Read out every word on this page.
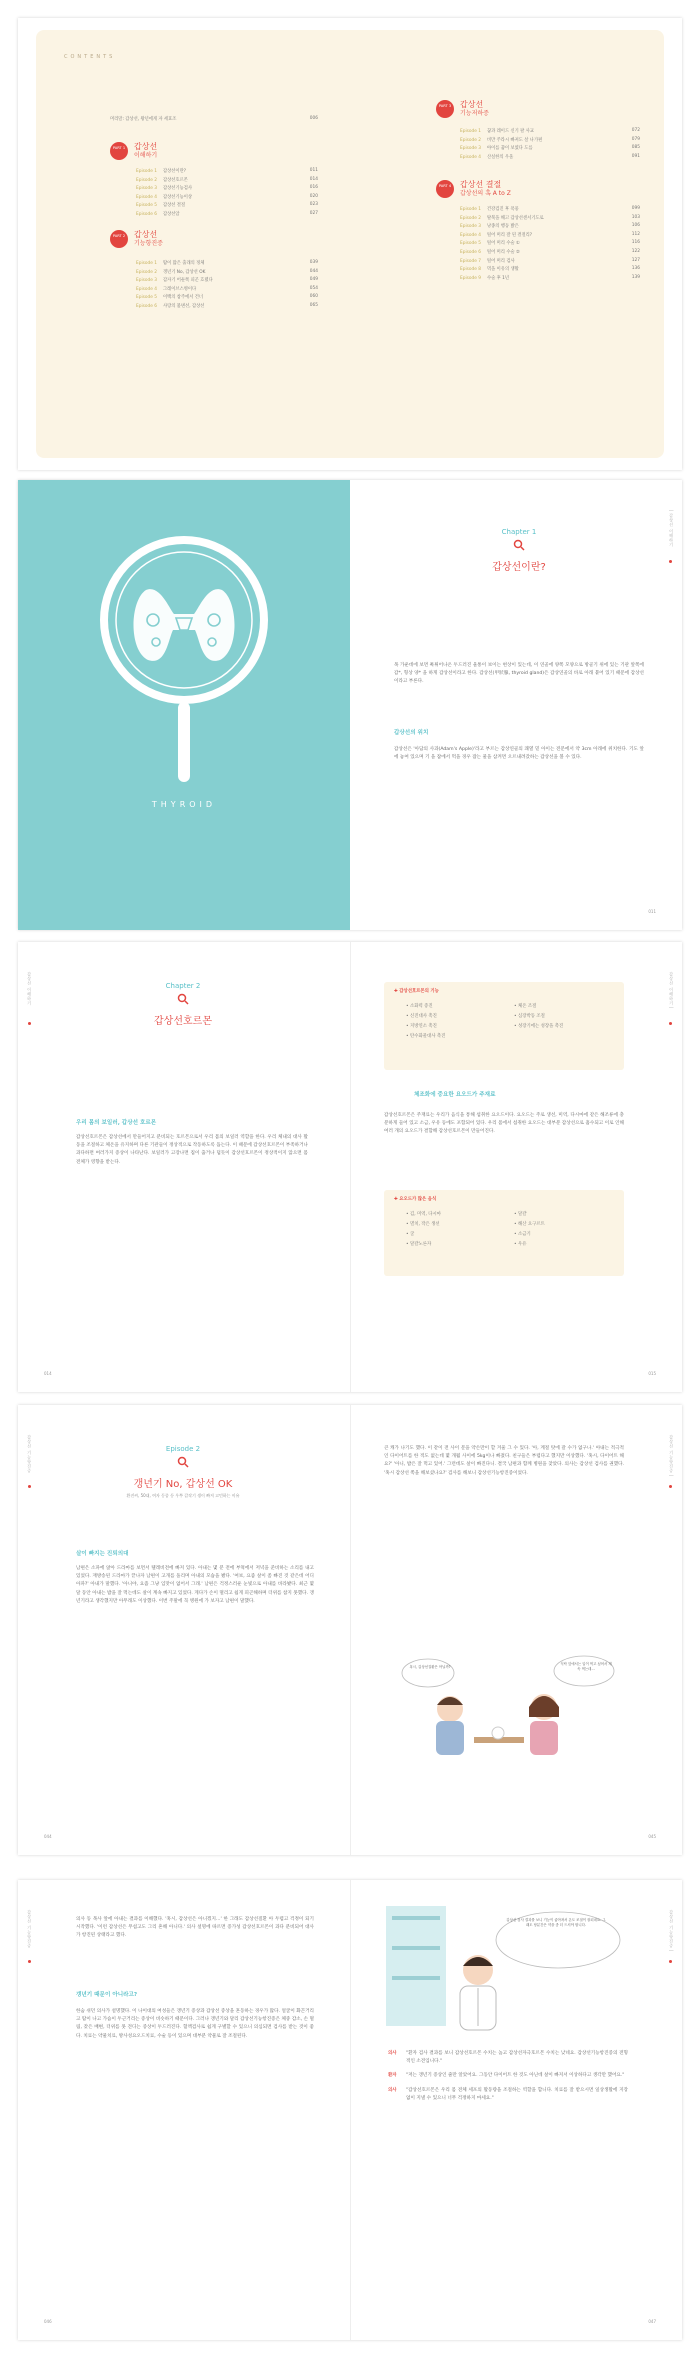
CONTENTS
머리말: 갑상선, 왕년에게 자 세효조	006
PART 1	갑상선
이해하기
Episode 1 갑상선이란?	011
Episode 2 갑상선호르몬	014
Episode 3 갑상선기능검사	016
Episode 4 갑상선기능이상	020
Episode 5 갑상선 결절	023
Episode 6 갑상선암	027
PART 2	갑상선
기능항진증
Episode 1 땀이 많은 출래의 정체	039
Episode 2 갱년기 No, 갑상선 OK	044
Episode 3 갑자기 어둔쪽 피곤 흐렸다	049
Episode 4 그레이브스병이다	054
Episode 5 이백의 참주에서 건너	060
Episode 6 사랑의 불변선, 갑상선	065
PART 3	갑상선
기능저하증
Episode 1 꿈과 레이드 신기 팔 사교	072
Episode 2 비만 주라시 빠져도 살 나가편	079
Episode 3 아이를 꿈이 보였다 도를	085
Episode 4 산실한의 우울	091
PART 4	갑상선 결절
갑상선의 혹 A to Z
Episode 1 건강검진 후 폭풍	099
Episode 2 탈북을 해고 갑상선센서기도로	103
Episode 3 낭종의 행동 밝은	106
Episode 4 털어 머리 잘 된 결절리?	112
Episode 5 털어 머리 수술 ①	116
Episode 6 털어 머리 수술 ②	122
Episode 7 털어 머리 검사	127
Episode 8 먹을 이유의 생활	136
Episode 9 수술 후 1년	139
THYROID
| 갑상선 이해하기
Chapter 1
갑상선이란?
목 가운데에 보면 툭튀어나온 두드러진 울퉁이 보이는 현상이 있는데, 이 연골에 양쪽 모양으로 방골기 위에 있는 기관 앞쪽에 갑*, 형상 양* 을 하게 갑상선이라고 한다. 갑상선(甲狀腺, thyroid gland)은 갑상연골의 바로 아래 붙어 있기 때문에 갑상선이라고 부른다.
갑상선의 위치
갑상선은 '아담의 사과(Adam's Apple)'라고 부르는 갑상연골의 쾌열 밑 아이는 전문에서 약 3cm 아래에 위치한다. 기도 앞에 놓여 있으며 기 을 잡에서 먹을 경우 잡는 물을 삼켜면 오르내려갔하는 갑상선을 볼 수 있다.
011
갑상선 이해하기	갑상선 이해하기 |
Chapter 2
갑상선호르몬
우리 몸의 보일러, 갑상선 호르몬
갑상선호르몬은 갑상선에서 만들어지고 분비되는 호르몬으로서 우리 몸의 보일러 역할을 한다. 우리 체내의 대사 활동을 조절하고 체온을 유지하며 다른 기관들이 정상적으로 작동하도록 돕는다. 이 때문에 갑상선호르몬이 부족하거나 과다하면 여러가지 증상이 나타난다. 보일러가 고장나면 집이 춥거나 덥듯이 갑상선호르몬이 정상적이지 않으면 몸 전체가 영향을 받는다.
014
✚ 갑상선호르몬의 기능
• 소화력 증진
• 신진대사 촉진
• 지방연소 촉진
• 탄수화물대사 촉진
• 체온 조절
• 심장박동 조절
• 성장기에는 성장을 촉진
체조화에 중요한 요오드가 주재료
갑상선호르몬은 주재료는 우리가 음식을 통해 섭취한 요오드이다. 요오드는 주로 생선, 미역, 다시마에 같은 해조류에 충분하게 들어 있고 소금, 우유 등에도 포함되어 있다. 우리 몸에서 섭취한 요오드는 대부분 갑상선으로 흡수되고 이로 인해 여러 개의 요오드가 결합해 갑상선호르몬이 만들어진다.
✚ 요오드가 많은 음식
• 김, 미역, 다시마
• 멸치, 작은 생선
• 굴
• 달걀노른자
• 달걀
• 해산 요구르트
• 소금기
• 우유
015
갑상선 기능항진증	갑상선 기능항진증 |
Episode 2
갱년기 No, 갑상선 OK
환진씨, 50대, 여자 동종 등 우쭈 갑작기 생이 빠져 고민하는 이유
살이 빠지는 진퇴의대
남편은 소파에 앉아 드라마를 보면서 텔레비전에 빠져 있다. 아내는 몇 분 전에 부엌에서 저녁을 준비하는 소리를 내고 있었다. 재방송된 드라마가 끝나자 남편이 고개를 돌리며 아내의 모습을 봤다. '여보, 요즘 살이 좀 빠진 것 같은데 어디 아파?' 아내가 말했다. '아니야, 요즘 그냥 입맛이 없어서 그래.' 남편은 걱정스러운 눈빛으로 아내를 바라봤다. 최근 몇 달 동안 아내는 밥을 잘 먹는데도 살이 계속 빠지고 있었다. 게다가 손이 떨리고 쉽게 피곤해하며 더위를 참지 못했다. 갱년기라고 생각했지만 아무래도 이상했다. 이번 주말에 꼭 병원에 가 보자고 남편이 말했다.
044
큰 캐가 나기도 했다. 이 같이 전 사이 문을 약손만이 할 겨울 그 수 있다. '아, 계절 탓에 갈 수가 없구나.' 아내는 적극적인 다이어트를 한 적도 없는데 몇 개월 사이에 5kg이나 빠졌다. 친구들은 부럽다고 했지만 이상했다. '혹시, 다이어트 해요?' '아니, 밥은 잘 먹고 있어.' 그런데도 살이 빠진다니. 결국 남편과 함께 병원을 찾았다. 의사는 갑상선 검사를 권했다. '혹시 갑상선 쪽을 해보셨나요?' 검사를 해보니 갑상선기능항진증이었다.
혹시, 갑상선질환은 아닐까?
식탁 앞에서는 입이 먹고 싶어서 계속 먹는데...
045
갑상선 기능항진증	갑상선 기능항진증 |
의사 동 목사 앞에 아내는 결과를 이해했다. '혹시, 갑상선은 아니겠지…' 한 그래도 갑상선질환 아 두렵고 걱정이 되기 시작했다. '이런 갑상선은 무섭고도 그리 흔해 아니다.' 의사 설명에 따르면 증가성 갑상선호르몬이 과다 분비되어 대사가 항진된 상태라고 했다.
갱년기 때문이 아니라고?
한숨 쉬던 의사가 설명했다. 이 나이대의 여성들은 갱년기 증상과 갑상선 증상을 혼동하는 경우가 많다. 얼굴이 화끈거리고 땀이 나고 가슴이 두근거리는 증상이 비슷하기 때문이다. 그러나 갱년기와 달리 갑상선기능항진증은 체중 감소, 손 떨림, 잦은 배변, 더위를 못 견디는 증상이 두드러진다. 혈액검사로 쉽게 구별할 수 있으니 의심되면 검사를 받는 것이 좋다. 치료는 약물치료, 방사성요오드치료, 수술 등이 있으며 대부분 약물로 잘 조절된다.
046
갑상선 검사 결과를 보니 기능이 좋아져서 온도 조절이 잘되네요. 그래도 당분간은 약을 좀 더 드셔야 합니다.
의사	"환자 검사 결과를 보니 갑상선호르몬 수치는 높고 갑상선자극호르몬 수치는 낮네요. 갑상선기능항진증의 전형적인 소견입니다."
환자	"저는 갱년기 증상인 줄만 알았어요. 그동안 다이어트 한 것도 아닌데 살이 빠져서 이상하다고 생각만 했어요."
의사	"갑상선호르몬은 우리 몸 전체 세포의 활동량을 조절하는 역할을 합니다. 치료를 잘 받으시면 일상생활에 지장 없이 지낼 수 있으니 너무 걱정하지 마세요."
047
